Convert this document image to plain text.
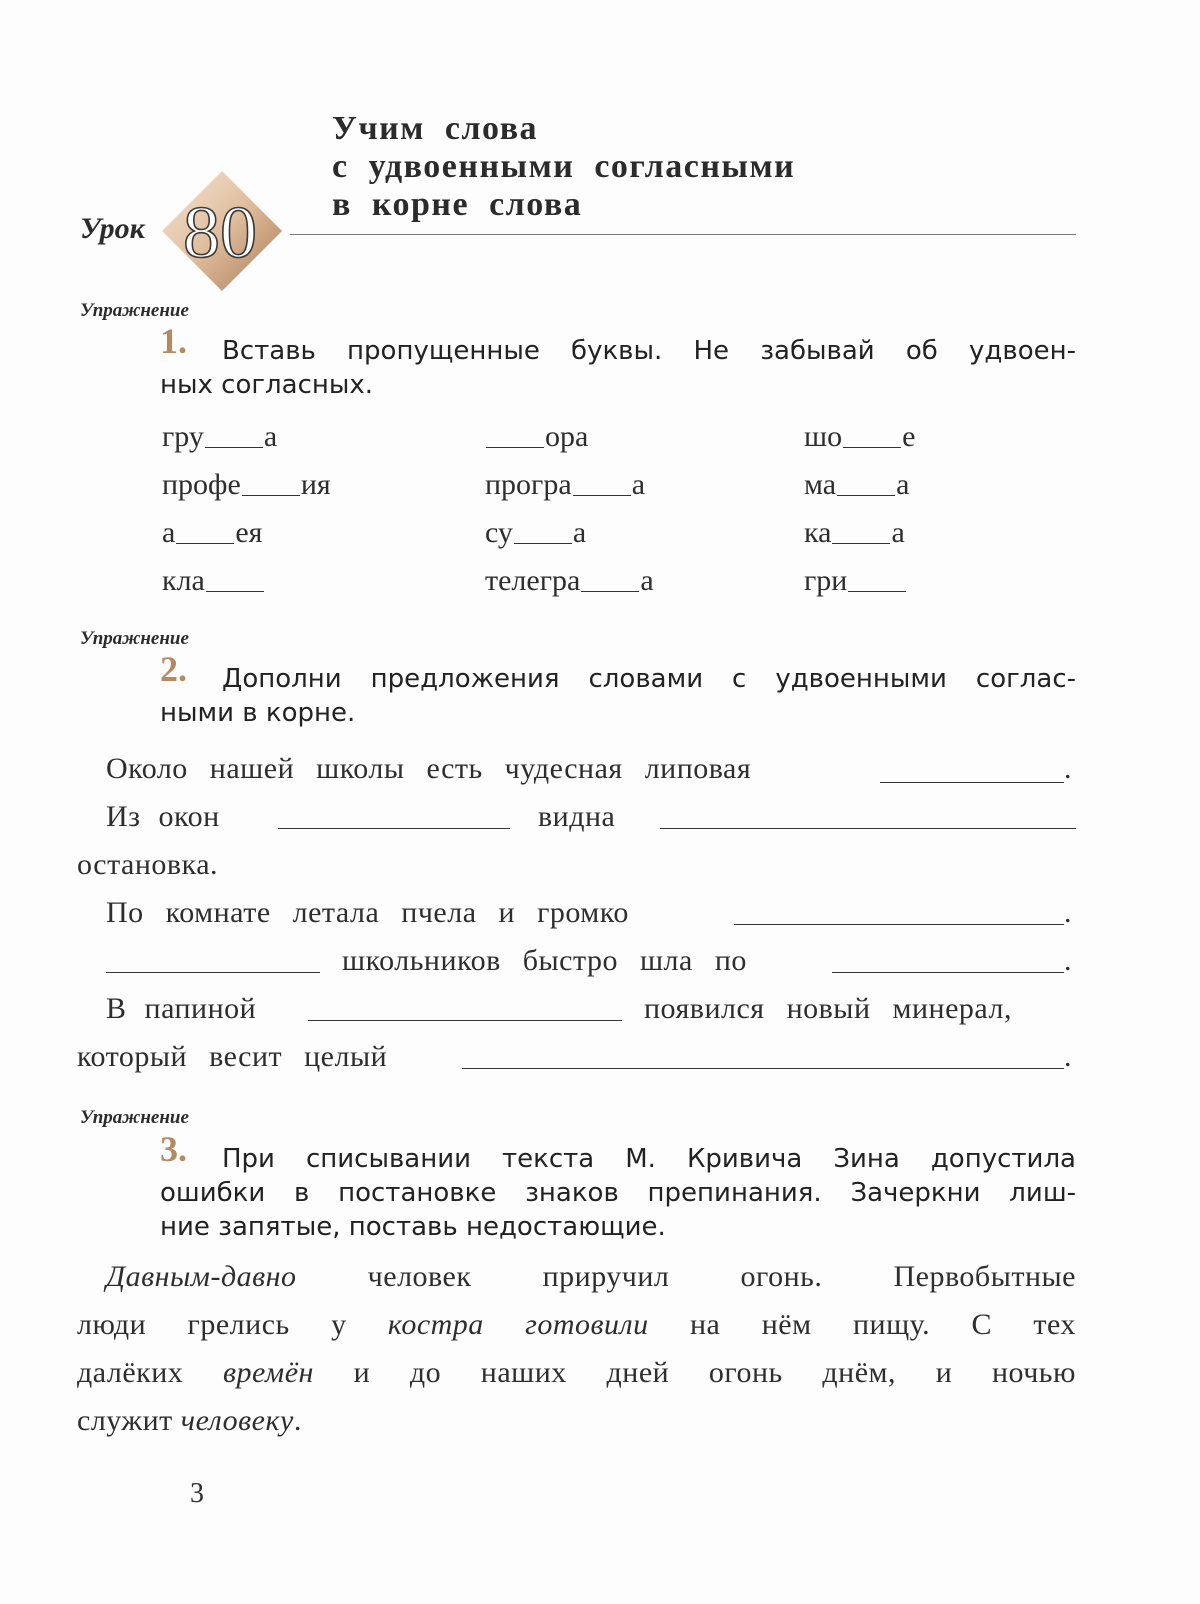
Учим слова
с удвоенными согласными
в корне слова
Урок 80
Упражнение
1. Вставь пропущенные буквы. Не забывай об удвоен-
ных согласных.
гру а	ора	шо е
профе ия	програ а	ма а
а ея	су а	ка а
кла	телегра а	гри
Упражнение
2. Дополни предложения словами с удвоенными соглас-
ными в корне.
Около нашей школы есть чудесная липовая	.
Из окон	видна
остановка.
По комнате летала пчела и громко	.
школьников быстро шла по	.
В папиной	появился новый минерал,
который весит целый	.
Упражнение
3. При списывании текста М. Кривича Зина допустила
ошибки в постановке знаков препинания. Зачеркни лиш-
ние запятые, поставь недостающие.
Давным-давно человек приручил огонь. Первобытные
люди грелись у костра готовили на нём пищу. С тех
далёких времён и до наших дней огонь днём, и ночью
служит человеку.
3
